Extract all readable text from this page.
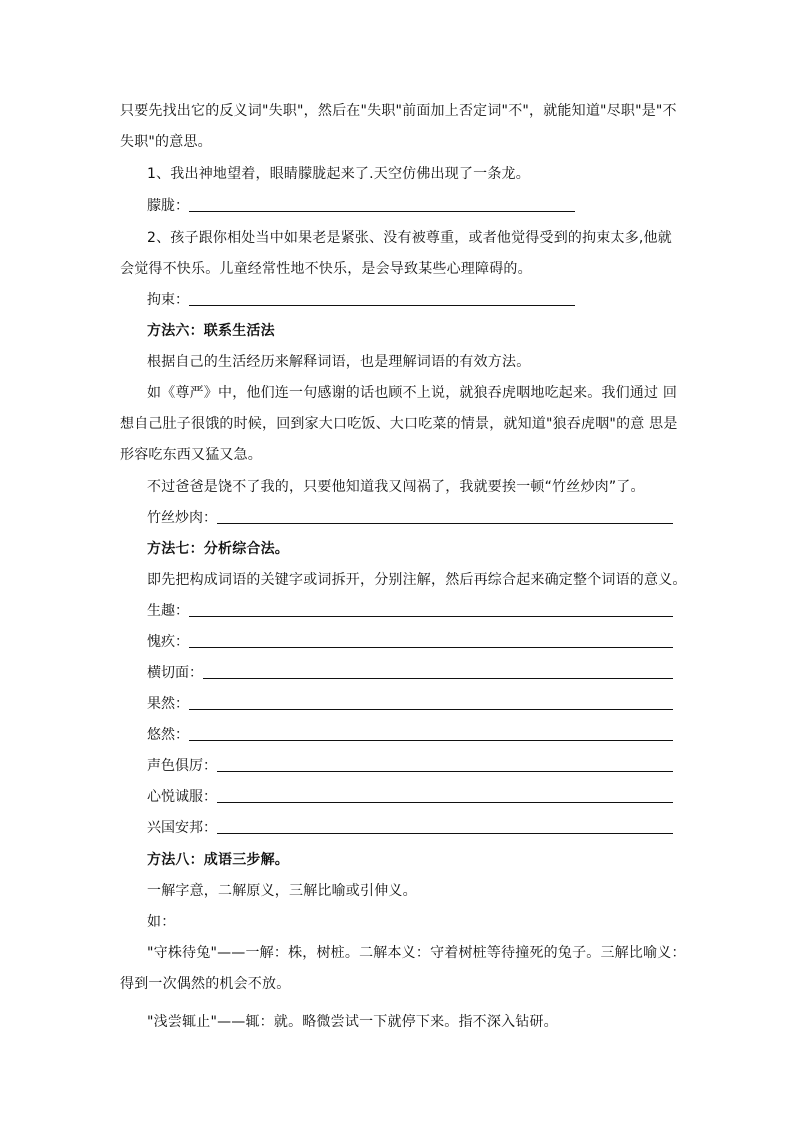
只要先找出它的反义词"失职"，然后在"失职"前面加上否定词"不"，就能知道"尽职"是"不
失职"的意思。
1、我出神地望着，眼睛朦胧起来了.天空仿佛出现了一条龙。
朦胧：
2、孩子跟你相处当中如果老是紧张、没有被尊重，或者他觉得受到的拘束太多,他就
会觉得不快乐。儿童经常性地不快乐，是会导致某些心理障碍的。
拘束：
方法六：联系生活法
根据自己的生活经历来解释词语，也是理解词语的有效方法。
如《尊严》中，他们连一句感谢的话也顾不上说，就狼吞虎咽地吃起来。我们通过 回
想自己肚子很饿的时候，回到家大口吃饭、大口吃菜的情景，就知道"狼吞虎咽"的意 思是
形容吃东西又猛又急。
不过爸爸是饶不了我的，只要他知道我又闯祸了，我就要挨一顿“竹丝炒肉”了。
竹丝炒肉：
方法七：分析综合法。
即先把构成词语的关键字或词拆开，分别注解，然后再综合起来确定整个词语的意义。
生趣：
愧疚：
横切面：
果然：
悠然：
声色俱厉：
心悦诚服：
兴国安邦：
方法八：成语三步解。
一解字意，二解原义，三解比喻或引伸义。
如：
"守株待兔"——一解：株，树桩。二解本义：守着树桩等待撞死的兔子。三解比喻义：
得到一次偶然的机会不放。
"浅尝辄止"——辄：就。略微尝试一下就停下来。指不深入钻研。
